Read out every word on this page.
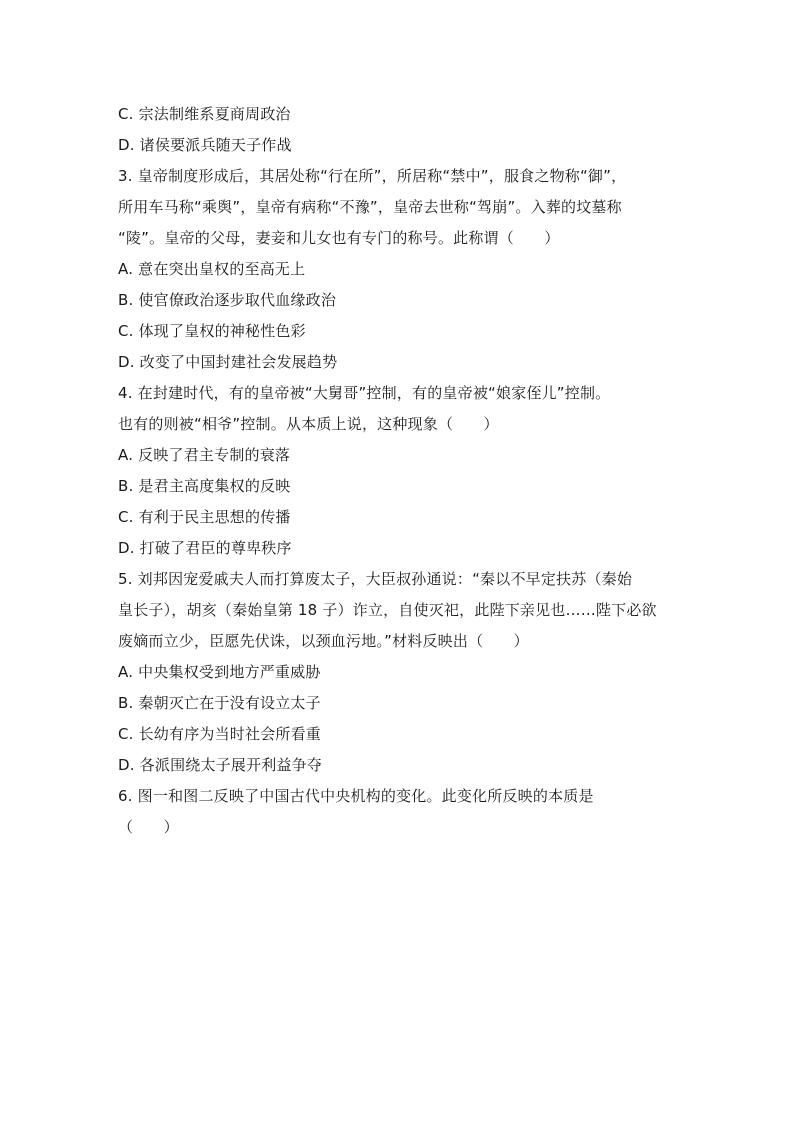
C. 宗法制维系夏商周政治
D. 诸侯要派兵随天子作战
3. 皇帝制度形成后，其居处称“行在所”，所居称“禁中”，服食之物称“御”，
所用车马称“乘舆”，皇帝有病称“不豫”，皇帝去世称“驾崩”。入葬的坟墓称
“陵”。皇帝的父母，妻妾和儿女也有专门的称号。此称谓（　　）
A. 意在突出皇权的至高无上
B. 使官僚政治逐步取代血缘政治
C. 体现了皇权的神秘性色彩
D. 改变了中国封建社会发展趋势
4. 在封建时代，有的皇帝被“大舅哥”控制，有的皇帝被“娘家侄儿”控制。
也有的则被“相爷”控制。从本质上说，这种现象（　　）
A. 反映了君主专制的衰落
B. 是君主高度集权的反映
C. 有利于民主思想的传播
D. 打破了君臣的尊卑秩序
5. 刘邦因宠爱戚夫人而打算废太子，大臣叔孙通说：“秦以不早定扶苏（秦始
皇长子），胡亥（秦始皇第 18 子）诈立，自使灭祀，此陛下亲见也……陛下必欲
废嫡而立少，臣愿先伏诛，以颈血污地。”材料反映出（　　）
A. 中央集权受到地方严重威胁
B. 秦朝灭亡在于没有设立太子
C. 长幼有序为当时社会所看重
D. 各派围绕太子展开利益争夺
6. 图一和图二反映了中国古代中央机构的变化。此变化所反映的本质是
（　　）
